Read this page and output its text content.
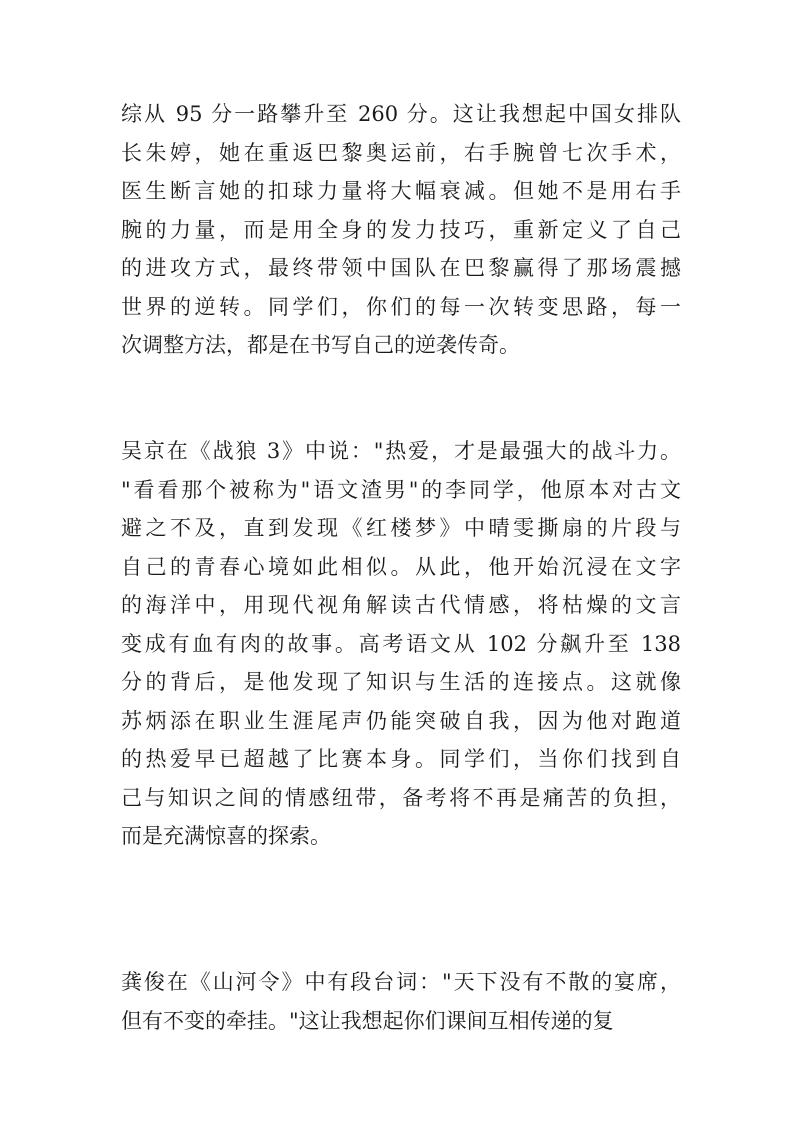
综从 95 分一路攀升至 260 分。这让我想起中国女排队
长朱婷，她在重返巴黎奥运前，右手腕曾七次手术，
医生断言她的扣球力量将大幅衰减。但她不是用右手
腕的力量，而是用全身的发力技巧，重新定义了自己
的进攻方式，最终带领中国队在巴黎赢得了那场震撼
世界的逆转。同学们，你们的每一次转变思路，每一
次调整方法，都是在书写自己的逆袭传奇。
吴京在《战狼 3》中说："热爱，才是最强大的战斗力。
"看看那个被称为"语文渣男"的李同学，他原本对古文
避之不及，直到发现《红楼梦》中晴雯撕扇的片段与
自己的青春心境如此相似。从此，他开始沉浸在文字
的海洋中，用现代视角解读古代情感，将枯燥的文言
变成有血有肉的故事。高考语文从 102 分飙升至 138
分的背后，是他发现了知识与生活的连接点。这就像
苏炳添在职业生涯尾声仍能突破自我，因为他对跑道
的热爱早已超越了比赛本身。同学们，当你们找到自
己与知识之间的情感纽带，备考将不再是痛苦的负担，
而是充满惊喜的探索。
龚俊在《山河令》中有段台词："天下没有不散的宴席，
但有不变的牵挂。"这让我想起你们课间互相传递的复
